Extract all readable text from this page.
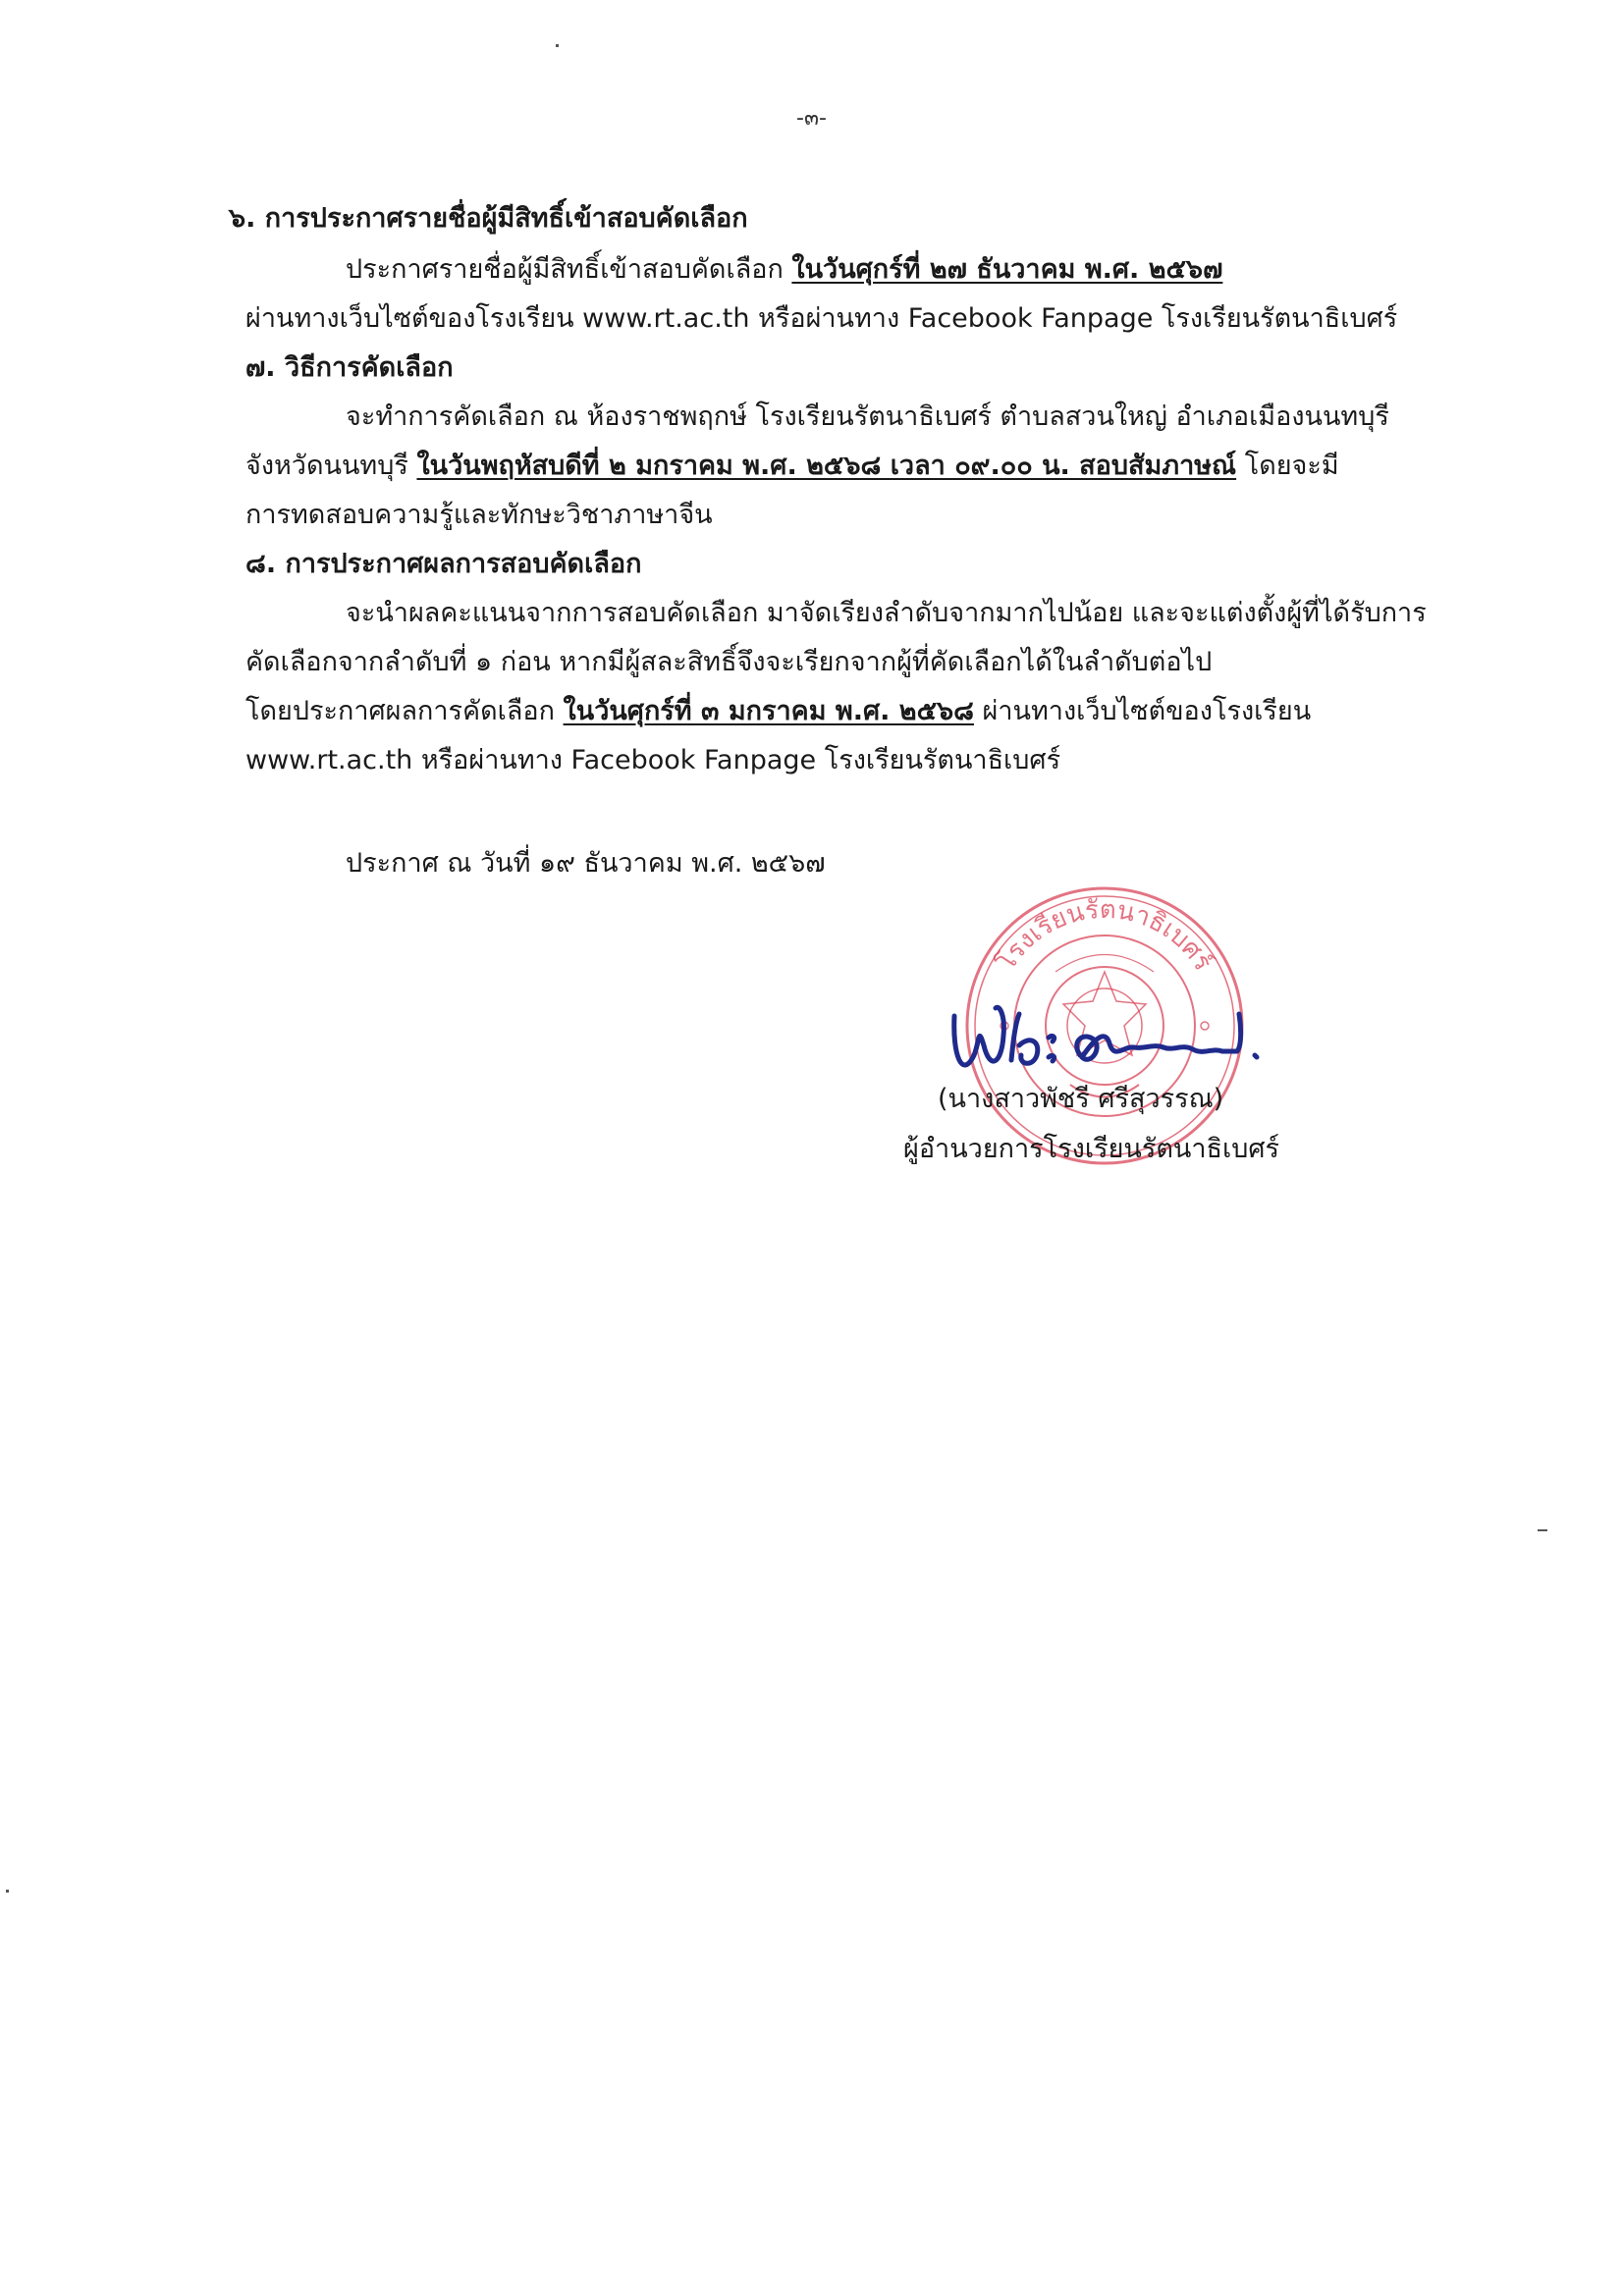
-๓-
๖. การประกาศรายชื่อผู้มีสิทธิ์เข้าสอบคัดเลือก
ประกาศรายชื่อผู้มีสิทธิ์เข้าสอบคัดเลือก ในวันศุกร์ที่ ๒๗ ธันวาคม พ.ศ. ๒๕๖๗
ผ่านทางเว็บไซต์ของโรงเรียน www.rt.ac.th หรือผ่านทาง Facebook Fanpage โรงเรียนรัตนาธิเบศร์
๗. วิธีการคัดเลือก
จะทำการคัดเลือก ณ ห้องราชพฤกษ์ โรงเรียนรัตนาธิเบศร์ ตำบลสวนใหญ่ อำเภอเมืองนนทบุรี
จังหวัดนนทบุรี ในวันพฤหัสบดีที่ ๒ มกราคม พ.ศ. ๒๕๖๘ เวลา ๐๙.๐๐ น. สอบสัมภาษณ์ โดยจะมี
การทดสอบความรู้และทักษะวิชาภาษาจีน
๘. การประกาศผลการสอบคัดเลือก
จะนำผลคะแนนจากการสอบคัดเลือก มาจัดเรียงลำดับจากมากไปน้อย และจะแต่งตั้งผู้ที่ได้รับการ
คัดเลือกจากลำดับที่ ๑ ก่อน หากมีผู้สละสิทธิ์จึงจะเรียกจากผู้ที่คัดเลือกได้ในลำดับต่อไป
โดยประกาศผลการคัดเลือก ในวันศุกร์ที่ ๓ มกราคม พ.ศ. ๒๕๖๘ ผ่านทางเว็บไซต์ของโรงเรียน
www.rt.ac.th หรือผ่านทาง Facebook Fanpage โรงเรียนรัตนาธิเบศร์
ประกาศ ณ วันที่ ๑๙ ธันวาคม พ.ศ. ๒๕๖๗
โรงเรียนรัตนาธิเบศร์
(นางสาวพัชรี ศรีสุวรรณ)
ผู้อำนวยการโรงเรียนรัตนาธิเบศร์
